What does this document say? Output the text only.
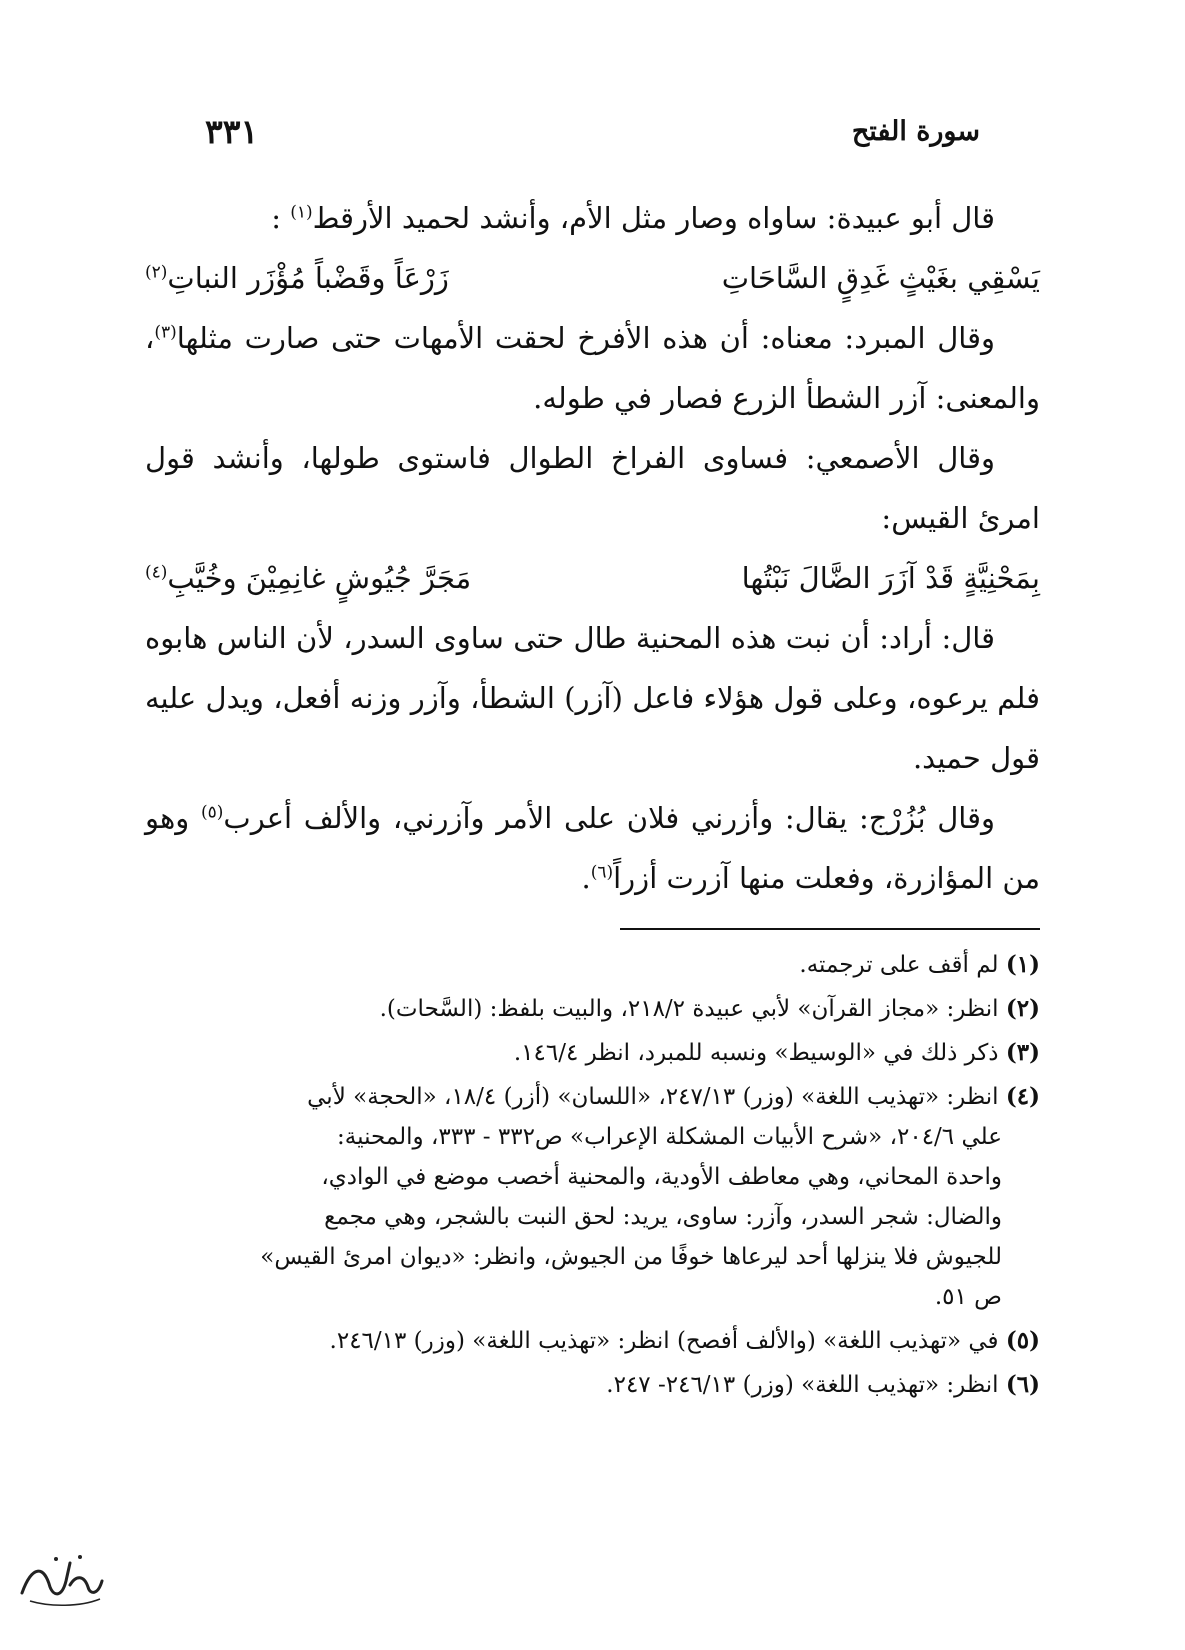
سورة الفتح
٣٣١

قال أبو عبيدة: ساواه وصار مثل الأم، وأنشد لحميد الأرقط$^{(١)}$ :

يَسْقِي بغَيْثٍ غَدِقٍ السَّاحَاتِ
زَرْعَاً وقَضْباً مُؤْزَر النباتِ$^{(٢)}$

وقال المبرد: معناه: أن هذه الأفرخ لحقت الأمهات حتى صارت مثلها$^{(٣)}$، والمعنى: آزر الشطأ الزرع فصار في طوله.

وقال الأصمعي: فساوى الفراخ الطوال فاستوى طولها، وأنشد قول امرئ القيس:

بِمَحْنِيَّةٍ قَدْ آزَرَ الضَّالَ نَبْتُها
مَجَرَّ جُيُوشٍ غانِمِيْنَ وخُيَّبِ$^{(٤)}$

قال: أراد: أن نبت هذه المحنية طال حتى ساوى السدر، لأن الناس هابوه فلم يرعوه، وعلى قول هؤلاء فاعل (آزر) الشطأ، وآزر وزنه أفعل، ويدل عليه قول حميد.

وقال بُزُرْج: يقال: وأزرني فلان على الأمر وآزرني، والألف أعرب$^{(٥)}$ وهو من المؤازرة، وفعلت منها آزرت أزراً$^{(٦)}$.

(١) لم أقف على ترجمته.

(٢) انظر: «مجاز القرآن» لأبي عبيدة ٢١٨/٢، والبيت بلفظ: (السَّحات).

(٣) ذكر ذلك في «الوسيط» ونسبه للمبرد، انظر ١٤٦/٤.

(٤) انظر: «تهذيب اللغة» (وزر) ٢٤٧/١٣، «اللسان» (أزر) ١٨/٤، «الحجة» لأبي

علي ٢٠٤/٦، «شرح الأبيات المشكلة الإعراب» ص٣٣٢ - ٣٣٣، والمحنية:

واحدة المحاني، وهي معاطف الأودية، والمحنية أخصب موضع في الوادي،

والضال: شجر السدر، وآزر: ساوى، يريد: لحق النبت بالشجر، وهي مجمع

للجيوش فلا ينزلها أحد ليرعاها خوفًا من الجيوش، وانظر: «ديوان امرئ القيس»

ص ٥١.

(٥) في «تهذيب اللغة» (والألف أفصح) انظر: «تهذيب اللغة» (وزر) ٢٤٦/١٣.

(٦) انظر: «تهذيب اللغة» (وزر) ٢٤٦/١٣- ٢٤٧.
